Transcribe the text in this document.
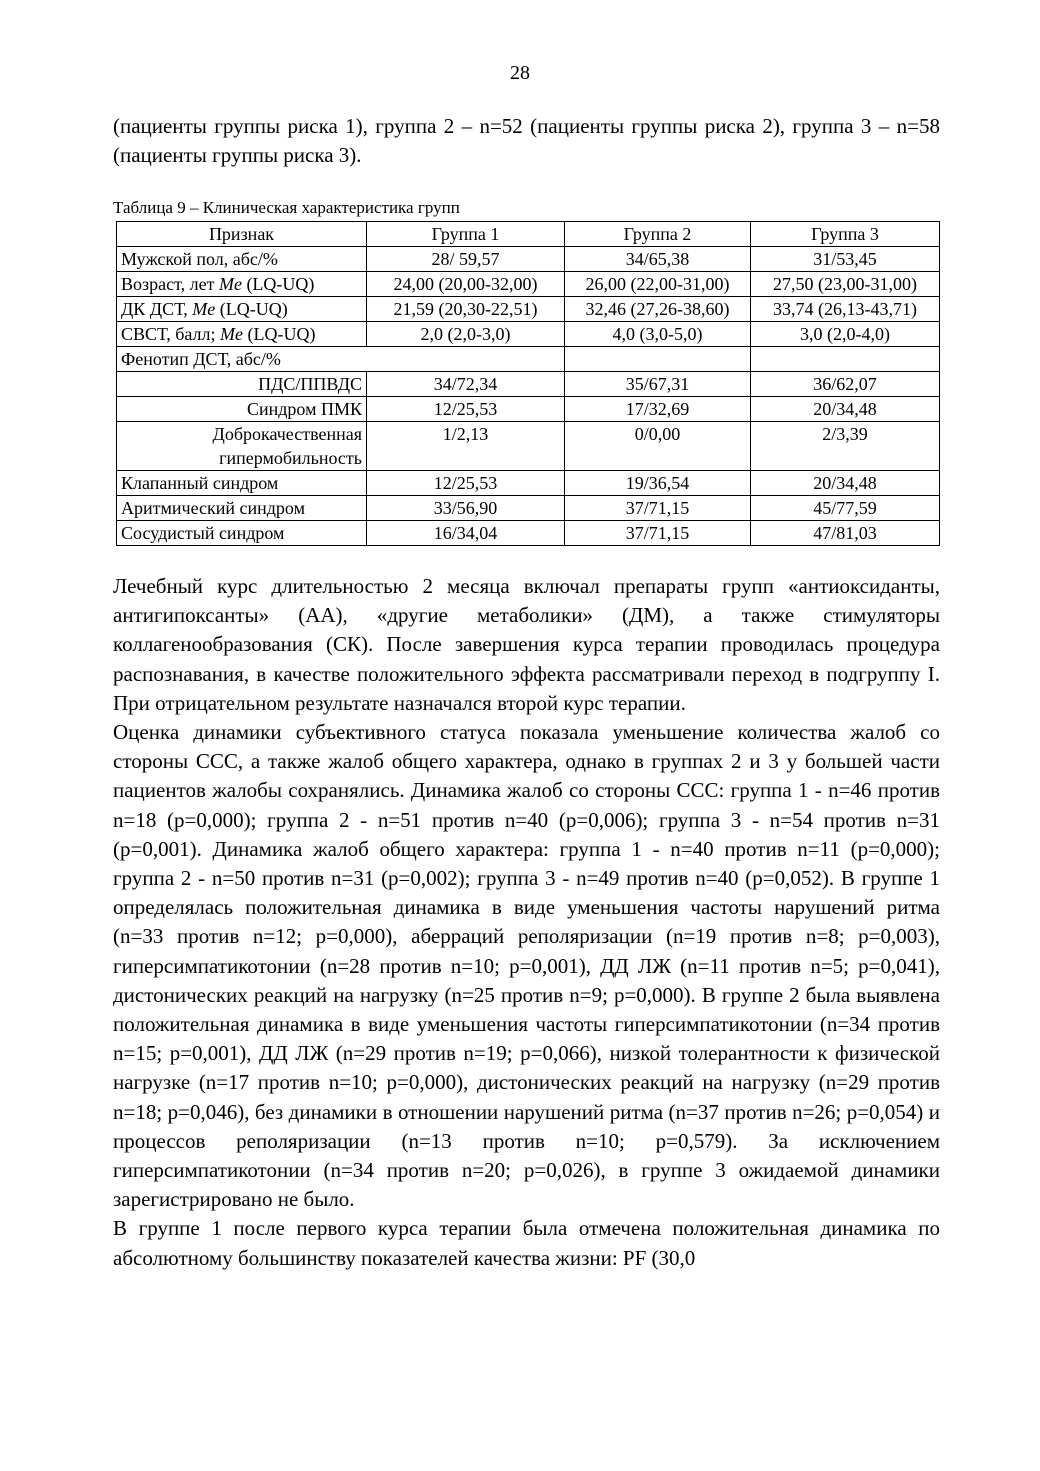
28

(пациенты группы риска 1), группа 2 – n=52 (пациенты группы риска 2), группа 3 – n=58 (пациенты группы риска 3).

Таблица 9 – Клиническая характеристика групп
Признак	Группа 1	Группа 2	Группа 3
Мужской пол, абс/%	28/ 59,57	34/65,38	31/53,45
Возраст, лет Me (LQ-UQ)	24,00 (20,00-32,00)	26,00 (22,00-31,00)	27,50 (23,00-31,00)
ДК ДСТ, Me (LQ-UQ)	21,59 (20,30-22,51)	32,46 (27,26-38,60)	33,74 (26,13-43,71)
СВСТ, балл; Me (LQ-UQ)	2,0 (2,0-3,0)	4,0 (3,0-5,0)	3,0 (2,0-4,0)
Фенотип ДСТ, абс/%			
ПДС/ППВДС	34/72,34	35/67,31	36/62,07
Синдром ПМК	12/25,53	17/32,69	20/34,48

Доброкачественная
гипермобильность	1/2,13	0/0,00	2/3,39
Клапанный синдром	12/25,53	19/36,54	20/34,48
Аритмический синдром	33/56,90	37/71,15	45/77,59
Сосудистый синдром	16/34,04	37/71,15	47/81,03

Лечебный курс длительностью 2 месяца включал препараты групп «антиоксиданты, антигипоксанты» (АА), «другие метаболики» (ДМ), а также стимуляторы коллагенообразования (СК). После завершения курса терапии проводилась процедура распознавания, в качестве положительного эффекта рассматривали переход в подгруппу I. При отрицательном результате назначался второй курс терапии.

Оценка динамики субъективного статуса показала уменьшение количества жалоб со стороны ССС, а также жалоб общего характера, однако в группах 2 и 3 у большей части пациентов жалобы сохранялись. Динамика жалоб со стороны ССС: группа 1 - n=46 против n=18 (p=0,000); группа 2 - n=51 против n=40 (p=0,006); группа 3 - n=54 против n=31 (p=0,001). Динамика жалоб общего характера: группа 1 - n=40 против n=11 (p=0,000); группа 2 - n=50 против n=31 (p=0,002); группа 3 - n=49 против n=40 (p=0,052). В группе 1 определялась положительная динамика в виде уменьшения частоты нарушений ритма (n=33 против n=12; p=0,000), аберраций реполяризации (n=19 против n=8; p=0,003), гиперсимпатикотонии (n=28 против n=10; p=0,001), ДД ЛЖ (n=11 против n=5; p=0,041), дистонических реакций на нагрузку (n=25 против n=9; p=0,000). В группе 2 была выявлена положительная динамика в виде уменьшения частоты гиперсимпатикотонии (n=34 против n=15; p=0,001), ДД ЛЖ (n=29 против n=19; p=0,066), низкой толерантности к физической нагрузке (n=17 против n=10; p=0,000), дистонических реакций на нагрузку (n=29 против n=18; p=0,046), без динамики в отношении нарушений ритма (n=37 против n=26; p=0,054) и процессов реполяризации (n=13 против n=10; p=0,579). За исключением гиперсимпатикотонии (n=34 против n=20; p=0,026), в группе 3 ожидаемой динамики зарегистрировано не было.

В группе 1 после первого курса терапии была отмечена положительная динамика по абсолютному большинству показателей качества жизни: PF (30,0
